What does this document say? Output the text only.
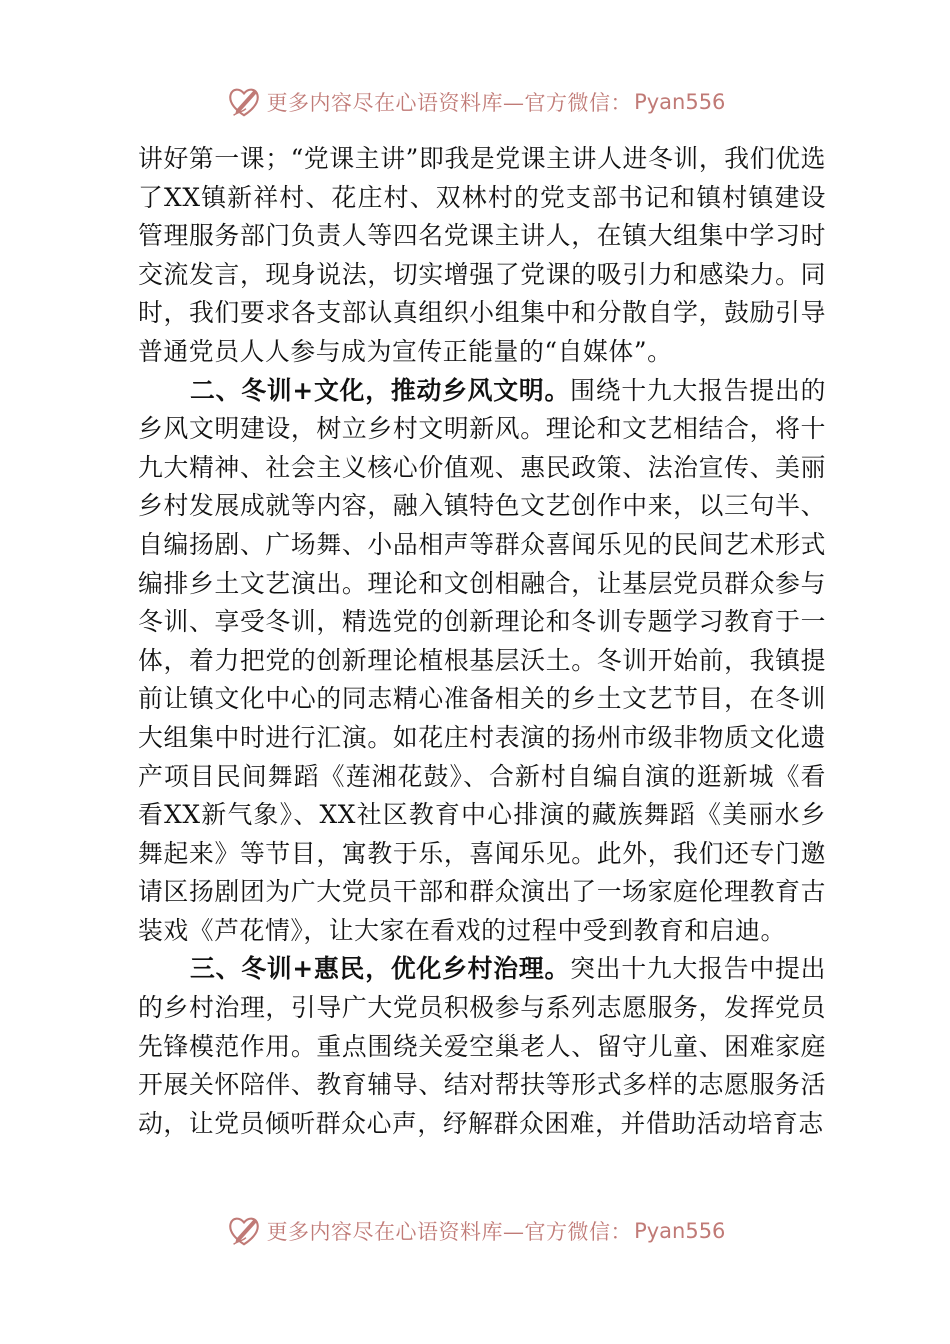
更多内容尽在心语资料库—官方微信： Pyan556

讲好第一课；“党课主讲”即我是党课主讲人进冬训，我们优选了XX镇新祥村、花庄村、双林村的党支部书记和镇村镇建设管理服务部门负责人等四名党课主讲人，在镇大组集中学习时交流发言，现身说法，切实增强了党课的吸引力和感染力。同时，我们要求各支部认真组织小组集中和分散自学，鼓励引导普通党员人人参与成为宣传正能量的“自媒体”。

二、冬训+文化，推动乡风文明。围绕十九大报告提出的乡风文明建设，树立乡村文明新风。理论和文艺相结合，将十九大精神、社会主义核心价值观、惠民政策、法治宣传、美丽乡村发展成就等内容，融入镇特色文艺创作中来，以三句半、自编扬剧、广场舞、小品相声等群众喜闻乐见的民间艺术形式编排乡土文艺演出。理论和文创相融合，让基层党员群众参与冬训、享受冬训，精选党的创新理论和冬训专题学习教育于一体，着力把党的创新理论植根基层沃土。冬训开始前，我镇提前让镇文化中心的同志精心准备相关的乡土文艺节目，在冬训大组集中时进行汇演。如花庄村表演的扬州市级非物质文化遗产项目民间舞蹈《莲湘花鼓》、合新村自编自演的逛新城《看看XX新气象》、XX社区教育中心排演的藏族舞蹈《美丽水乡舞起来》等节目，寓教于乐，喜闻乐见。此外，我们还专门邀请区扬剧团为广大党员干部和群众演出了一场家庭伦理教育古装戏《芦花情》，让大家在看戏的过程中受到教育和启迪。

三、冬训+惠民，优化乡村治理。突出十九大报告中提出的乡村治理，引导广大党员积极参与系列志愿服务，发挥党员先锋模范作用。重点围绕关爱空巢老人、留守儿童、困难家庭开展关怀陪伴、教育辅导、结对帮扶等形式多样的志愿服务活动，让党员倾听群众心声，纾解群众困难，并借助活动培育志

更多内容尽在心语资料库—官方微信： Pyan556
